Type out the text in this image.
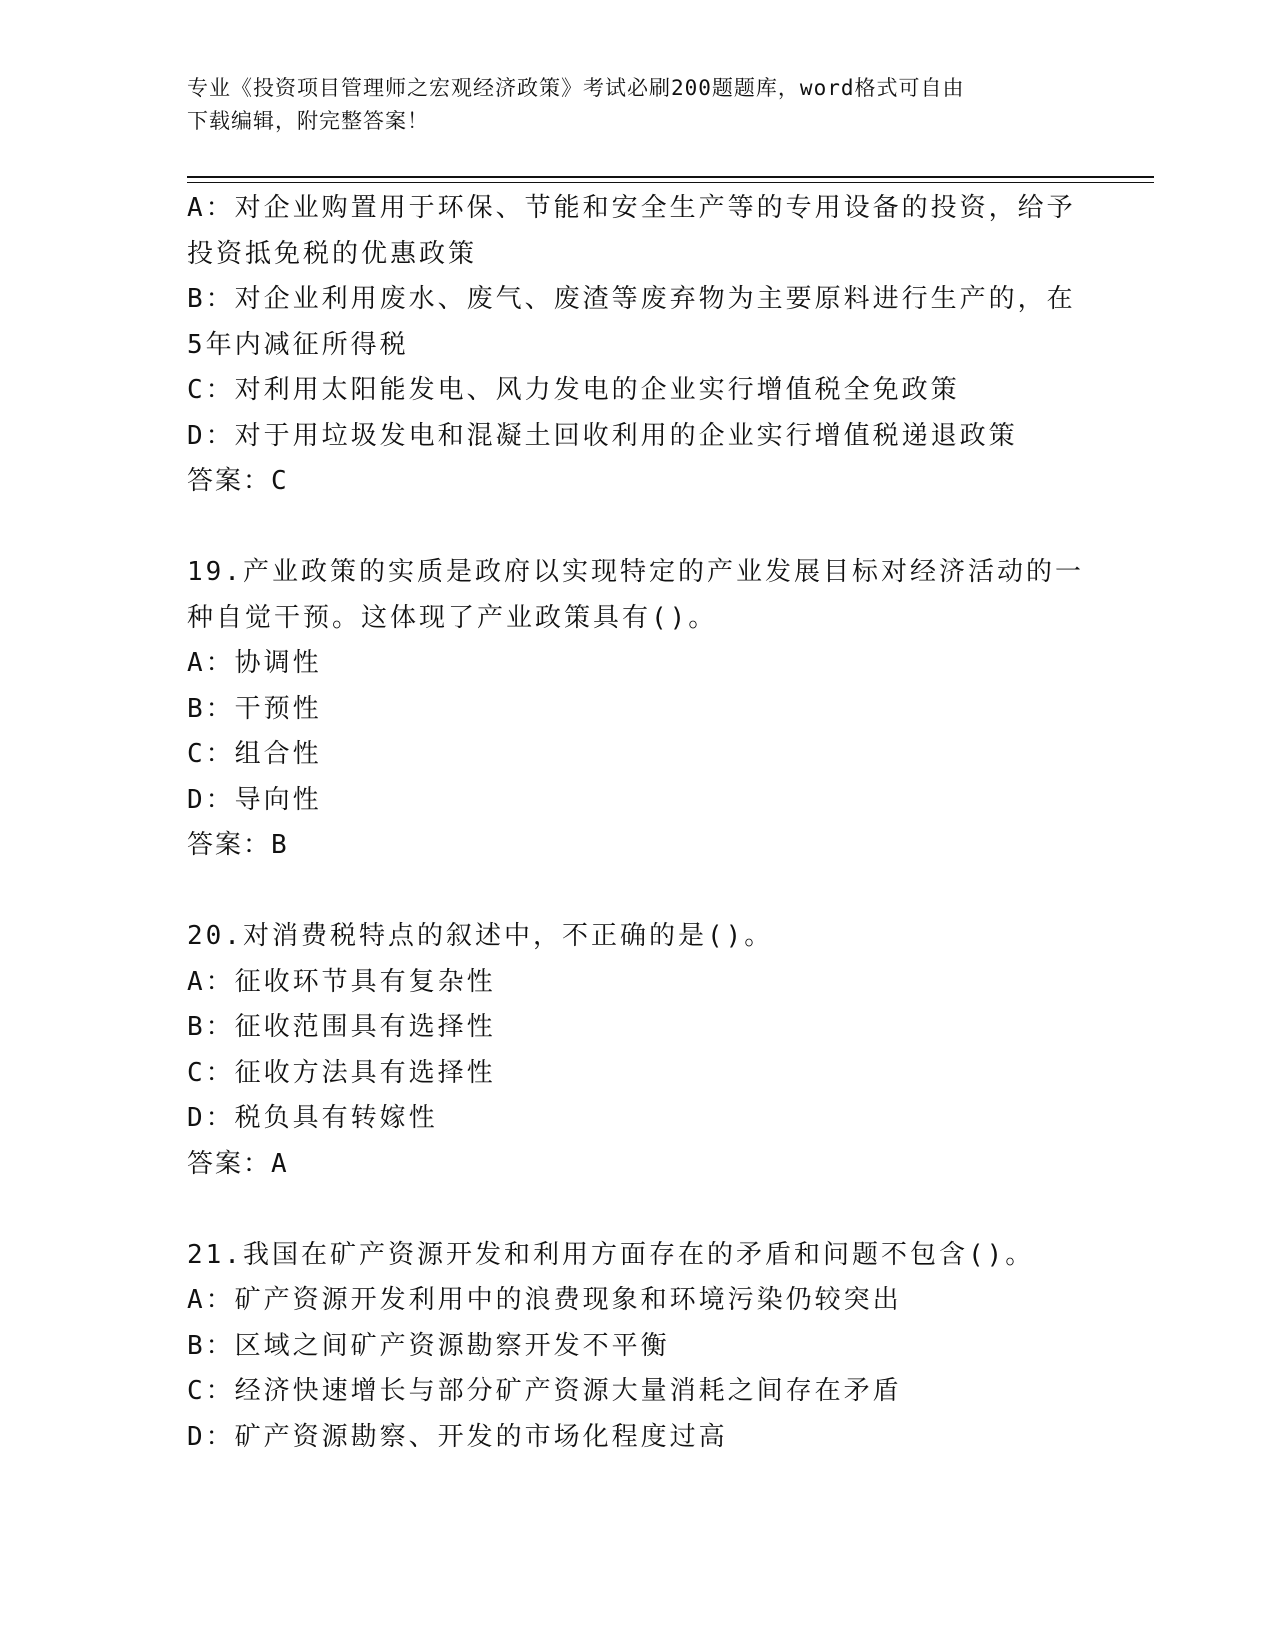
专业《投资项目管理师之宏观经济政策》考试必刷200题题库，word格式可自由
下载编辑，附完整答案！
A：对企业购置用于环保、节能和安全生产等的专用设备的投资，给予
投资抵免税的优惠政策
B：对企业利用废水、废气、废渣等废弃物为主要原料进行生产的，在
5年内减征所得税
C：对利用太阳能发电、风力发电的企业实行增值税全免政策
D：对于用垃圾发电和混凝土回收利用的企业实行增值税递退政策
答案：C
19.产业政策的实质是政府以实现特定的产业发展目标对经济活动的一
种自觉干预。这体现了产业政策具有()。
A：协调性
B：干预性
C：组合性
D：导向性
答案：B
20.对消费税特点的叙述中，不正确的是()。
A：征收环节具有复杂性
B：征收范围具有选择性
C：征收方法具有选择性
D：税负具有转嫁性
答案：A
21.我国在矿产资源开发和利用方面存在的矛盾和问题不包含()。
A：矿产资源开发利用中的浪费现象和环境污染仍较突出
B：区域之间矿产资源勘察开发不平衡
C：经济快速增长与部分矿产资源大量消耗之间存在矛盾
D：矿产资源勘察、开发的市场化程度过高
